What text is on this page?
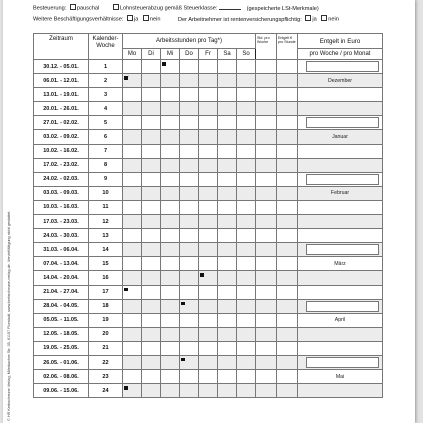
Besteuerung: pauschal	Lohnsteuerabzug gemäß Steuerklasse:	(gespeicherte LSt-Merkmale)
Weitere Beschäftigungsverhältnisse: ja nein	Der Arbeitnehmer ist rentenversicherungspflichtig: ja nein
© HR Krebscheune Verlag, Mörsbacher Str. 35, 61197 Florstadt, www.krebscheune-verlag.de. Vervielfältigung nicht gestattet.
Zeitraum	Kalender-
Woche	Arbeitsstunden pro Tag*)							Std. pro Woche	Entgelt € pro Stunde	Entgelt in Euro
		Mo	Di	Mi	Do	Fr	Sa	So			pro Woche / pro Monat
30.12. - 05.01.	1			

06.01. - 12.01.	2	′									Dezember
13.01. - 19.01.	3										
20.01. - 26.01.	4										
27.01. - 02.02.	5										

03.02. - 09.02.	6										Januar
10.02. - 16.02.	7										
17.02. - 23.02.	8										
24.02. - 02.03.	9										

03.03. - 09.03.	10										Februar
10.03. - 16.03.	11										
17.03. - 23.03.	12										
24.03. - 30.03.	13										
31.03. - 06.04.	14										

07.04. - 13.04.	15										März
14.04. - 20.04.	16					

21.04. - 27.04.	17	

28.04. - 04.05.	18				

05.05. - 11.05.	19										April
12.05. - 18.05.	20										
19.05. - 25.05.	21										
26.05. - 01.06.	22				

02.06. - 08.06.	23										Mai
09.06. - 15.06.	24	
